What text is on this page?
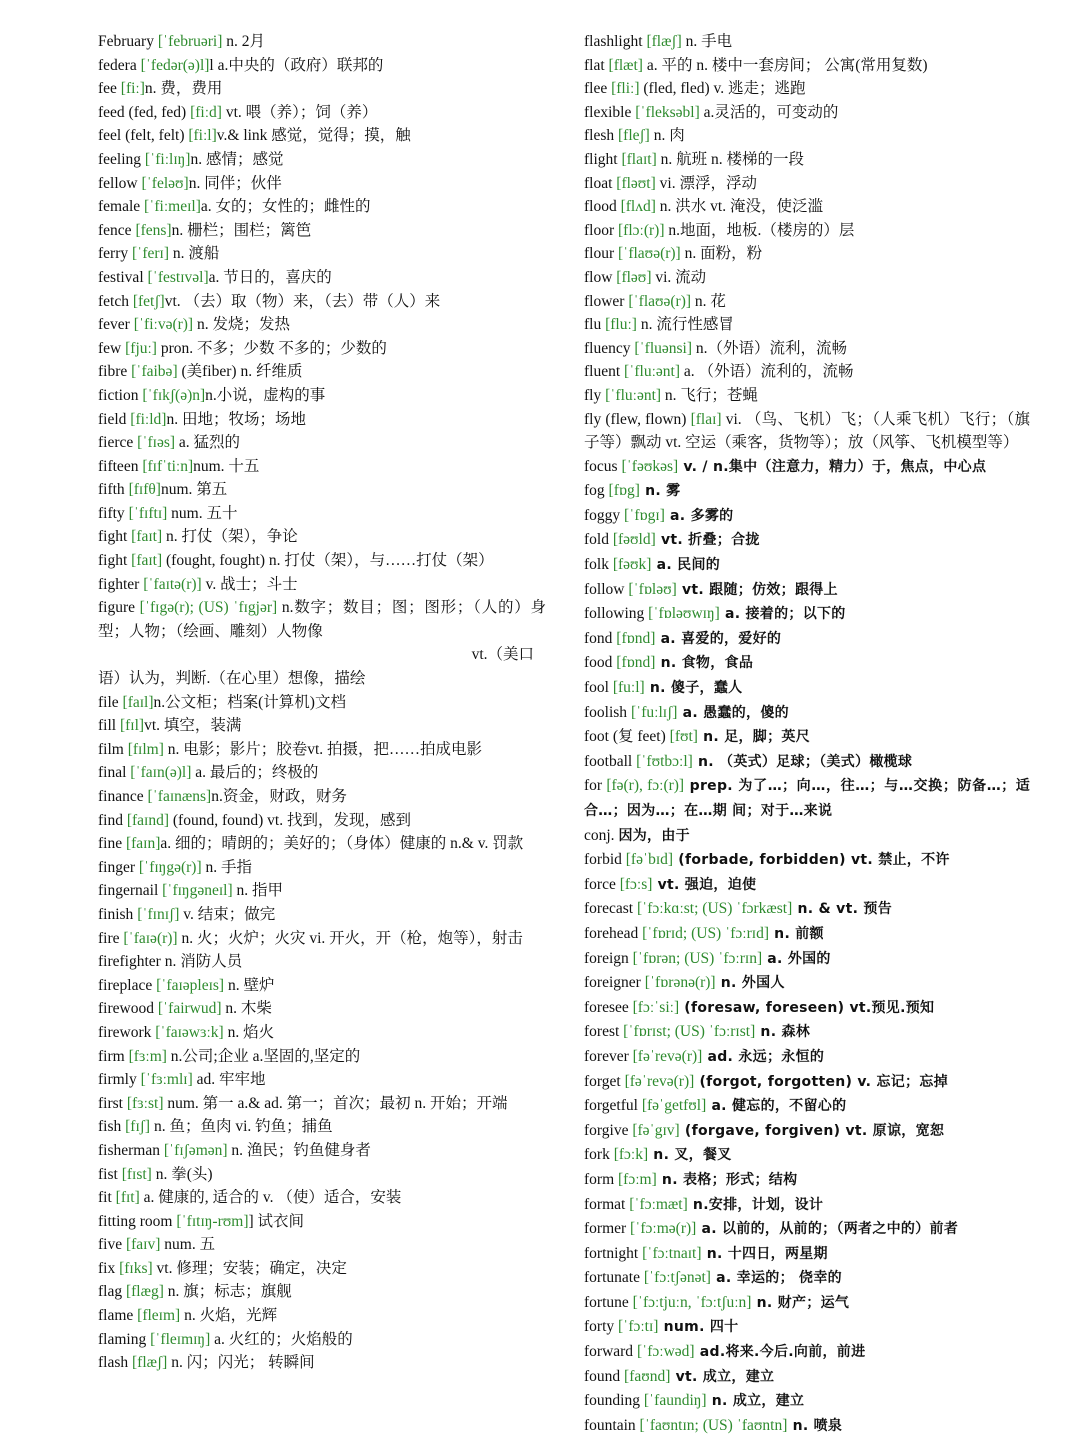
February [ˈfebruəri] n. 2月
federa [ˈfedər(ə)l]l a.中央的（政府）联邦的
fee [fiː]n. 费，费用
feed (fed, fed) [fiːd] vt. 喂（养）；饲（养）
feel (felt, felt) [fiːl]v.& link 感觉，觉得；摸，触
feeling [ˈfiːlɪŋ]n. 感情；感觉
fellow [ˈfeləʊ]n. 同伴；伙伴
female [ˈfiːmeɪl]a. 女的；女性的；雌性的
fence [fens]n. 栅栏；围栏；篱笆
ferry [ˈferɪ] n. 渡船
festival [ˈfestɪvəl]a. 节日的，喜庆的
fetch [fetʃ]vt. （去）取（物）来，（去）带（人）来
fever [ˈfiːvə(r)] n. 发烧；发热
few [fjuː] pron. 不多；少数 不多的；少数的
fibre [ˈfaibə] (美fiber) n. 纤维质
fiction [ˈfɪkʃ(ə)n]n.小说，虚构的事
field [fiːld]n. 田地；牧场；场地
fierce [ˈfɪəs] a. 猛烈的
fifteen [fɪfˈtiːn]num. 十五
fifth [fɪfθ]num. 第五
fifty [ˈfɪftɪ] num. 五十
fight [faɪt] n. 打仗（架），争论
fight [faɪt] (fought, fought) n. 打仗（架），与……打仗（架）
fighter [ˈfaɪtə(r)] v. 战士；斗士
figure [ˈfɪgə(r); (US) ˈfɪgjər] n.数字；数目；图；图形；（人的）身型；人物；（绘画、雕刻）人物像
vt.（美口
语）认为，判断.（在心里）想像，描绘
file [faɪl]n.公文柜；档案(计算机)文档
fill [fɪl]vt. 填空，装满
film [fɪlm] n. 电影；影片；胶卷vt. 拍摄，把……拍成电影
final [ˈfaɪn(ə)l] a. 最后的；终极的
finance [ˈfaɪnæns]n.资金，财政，财务
find [faɪnd] (found, found) vt. 找到，发现，感到
fine [faɪn]a. 细的；晴朗的；美好的；（身体）健康的 n.& v. 罚款
finger [ˈfɪŋgə(r)] n. 手指
fingernail [ˈfɪŋgəneɪl] n. 指甲
finish [ˈfɪnɪʃ] v. 结束；做完
fire [ˈfaɪə(r)] n. 火；火炉；火灾 vi. 开火，开（枪，炮等），射击
firefighter n. 消防人员
fireplace [ˈfaɪəpleɪs] n. 壁炉
firewood [ˈfairwud] n. 木柴
firework [ˈfaɪəwɜːk] n. 焰火
firm [fɜːm] n.公司;企业 a.坚固的,坚定的
firmly [ˈfɜːmlɪ] ad. 牢牢地
first [fɜːst] num. 第一 a.& ad. 第一；首次；最初 n. 开始；开端
fish [fɪʃ] n. 鱼；鱼肉 vi. 钓鱼；捕鱼
fisherman [ˈfɪʃəmən] n. 渔民；钓鱼健身者
fist [fɪst] n. 拳(头)
fit [fɪt] a. 健康的, 适合的 v. （使）适合，安装
fitting room [ˈfɪtɪŋ-rʊm]] 试衣间
five [faɪv] num. 五
fix [fɪks] vt. 修理；安装；确定，决定
flag [flæg] n. 旗；标志；旗舰
flame [fleɪm] n. 火焰，光辉
flaming [ˈfleɪmɪŋ] a. 火红的；火焰般的
flash [flæʃ] n. 闪；闪光； 转瞬间
flashlight [flæʃ] n. 手电
flat [flæt] a. 平的 n. 楼中一套房间； 公寓(常用复数)
flee [fliː] (fled, fled) v. 逃走；逃跑
flexible [ˈfleksəbl] a.灵活的，可变动的
flesh [fleʃ] n. 肉
flight [flaɪt] n. 航班 n. 楼梯的一段
float [fləʊt] vi. 漂浮，浮动
flood [flʌd] n. 洪水 vt. 淹没，使泛滥
floor [flɔː(r)] n.地面，地板.（楼房的）层
flour [ˈflaʊə(r)] n. 面粉，粉
flow [fləʊ] vi. 流动
flower [ˈflaʊə(r)] n. 花
flu [fluː] n. 流行性感冒
fluency [ˈfluənsi] n.（外语）流利，流畅
fluent [ˈfluːənt] a. （外语）流利的，流畅
fly [ˈfluːənt] n. 飞行；苍蝇
fly (flew, flown) [flaɪ] vi. （鸟、飞机）飞；（人乘飞机）飞行；（旗子等）飘动 vt. 空运（乘客，货物等）；放（风筝、飞机模型等）
focus [ˈfəʊkəs] v. / n.集中（注意力，精力）于，焦点，中心点
fog [fɒg] n. 雾
foggy [ˈfɒgɪ] a. 多雾的
fold [fəʊld] vt. 折叠；合拢
folk [fəʊk] a. 民间的
follow [ˈfɒləʊ] vt. 跟随；仿效；跟得上
following [ˈfɒləʊwɪŋ] a. 接着的；以下的
fond [fɒnd] a. 喜爱的，爱好的
food [fɒnd] n. 食物，食品
fool [fuːl] n. 傻子，蠢人
foolish [ˈfuːlɪʃ] a. 愚蠢的，傻的
foot (复 feet) [fʊt] n. 足，脚；英尺
football [ˈfʊtbɔːl] n. （英式）足球；（美式）橄榄球
for [fə(r), fɔː(r)] prep. 为了…；向…，往…；与…交换；防备…；适合…；因为…；在…期 间；对于…来说
conj. 因为，由于
forbid [fəˈbɪd] (forbade, forbidden) vt. 禁止，不许
force [fɔːs] vt. 强迫，迫使
forecast [ˈfɔːkɑːst; (US) ˈfɔrkæst] n. & vt. 预告
forehead [ˈfɒrɪd; (US) ˈfɔːrɪd] n. 前额
foreign [ˈfɒrən; (US) ˈfɔːrɪn] a. 外国的
foreigner [ˈfɒrənə(r)] n. 外国人
foresee [fɔːˈsiː] (foresaw, foreseen) vt.预见.预知
forest [ˈfɒrɪst; (US) ˈfɔːrɪst] n. 森林
forever [fəˈrevə(r)] ad. 永远；永恒的
forget [fəˈrevə(r)] (forgot, forgotten) v. 忘记；忘掉
forgetful [fəˈgetfʊl] a. 健忘的，不留心的
forgive [fəˈgɪv] (forgave, forgiven) vt. 原谅，宽恕
fork [fɔːk] n. 叉，餐叉
form [fɔːm] n. 表格；形式；结构
format [ˈfɔːmæt] n.安排，计划，设计
former [ˈfɔːmə(r)] a. 以前的，从前的；（两者之中的）前者
fortnight [ˈfɔːtnaɪt] n. 十四日，两星期
fortunate [ˈfɔːtʃənət] a. 幸运的； 侥幸的
fortune [ˈfɔːtjuːn, ˈfɔːtʃuːn] n. 财产；运气
forty [ˈfɔːtɪ] num. 四十
forward [ˈfɔːwəd] ad.将来.今后.向前，前进
found [faʊnd] vt. 成立，建立
founding [ˈfaundiŋ] n. 成立，建立
fountain [ˈfaʊntɪn; (US) ˈfaʊntn] n. 喷泉
